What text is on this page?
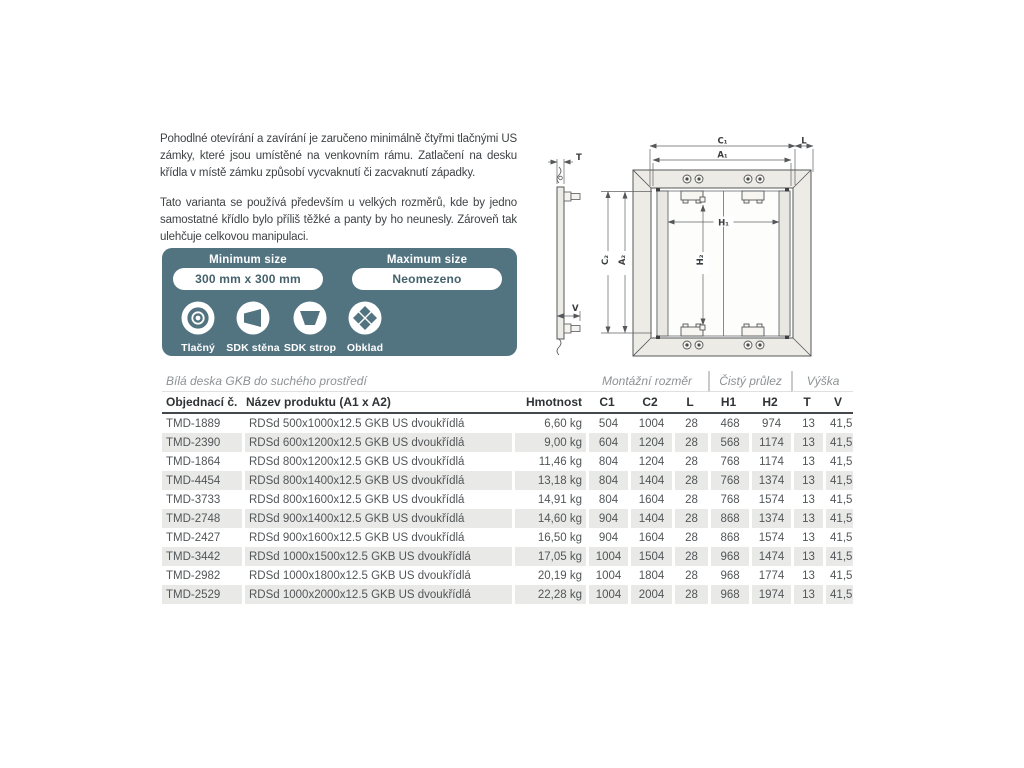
Pohodlné otevírání a zavírání je zaručeno minimálně čtyřmi tlačnými US zámky, které jsou umístěné na venkovním rámu. Zatlačení na desku křídla v místě zámku způsobí vycvaknutí či zacvaknutí západky.

Tato varianta se používá především u velkých rozměrů, kde by jedno samostatné křídlo bylo příliš těžké a panty by ho neunesly. Zároveň tak ulehčuje celkovou manipulaci.

Minimum size	Maximum size
300 mm x 300 mm	Neomezeno
Tlačný	SDK stěna SDK strop	Obklad
T
V
C₁
A₁
L
H₁
H₂
C₂ A₂
Bílá deska GKB do suchého prostředí			Montážní rozměr			Čistý průlez		Výška	
Objednací č.	Název produktu (A1 x A2)	Hmotnost	C1	C2	L	H1	H2	T	V
TMD-1889	RDSd 500x1000x12.5 GKB US dvoukřídlá	6,60 kg	504	1004	28	468	974	13	41,5
TMD-2390	RDSd 600x1200x12.5 GKB US dvoukřídlá	9,00 kg	604	1204	28	568	1174	13	41,5
TMD-1864	RDSd 800x1200x12.5 GKB US dvoukřídlá	11,46 kg	804	1204	28	768	1174	13	41,5
TMD-4454	RDSd 800x1400x12.5 GKB US dvoukřídlá	13,18 kg	804	1404	28	768	1374	13	41,5
TMD-3733	RDSd 800x1600x12.5 GKB US dvoukřídlá	14,91 kg	804	1604	28	768	1574	13	41,5
TMD-2748	RDSd 900x1400x12.5 GKB US dvoukřídlá	14,60 kg	904	1404	28	868	1374	13	41,5
TMD-2427	RDSd 900x1600x12.5 GKB US dvoukřídlá	16,50 kg	904	1604	28	868	1574	13	41,5
TMD-3442	RDSd 1000x1500x12.5 GKB US dvoukřídlá	17,05 kg	1004	1504	28	968	1474	13	41,5
TMD-2982	RDSd 1000x1800x12.5 GKB US dvoukřídlá	20,19 kg	1004	1804	28	968	1774	13	41,5
TMD-2529	RDSd 1000x2000x12.5 GKB US dvoukřídlá	22,28 kg	1004	2004	28	968	1974	13	41,5
